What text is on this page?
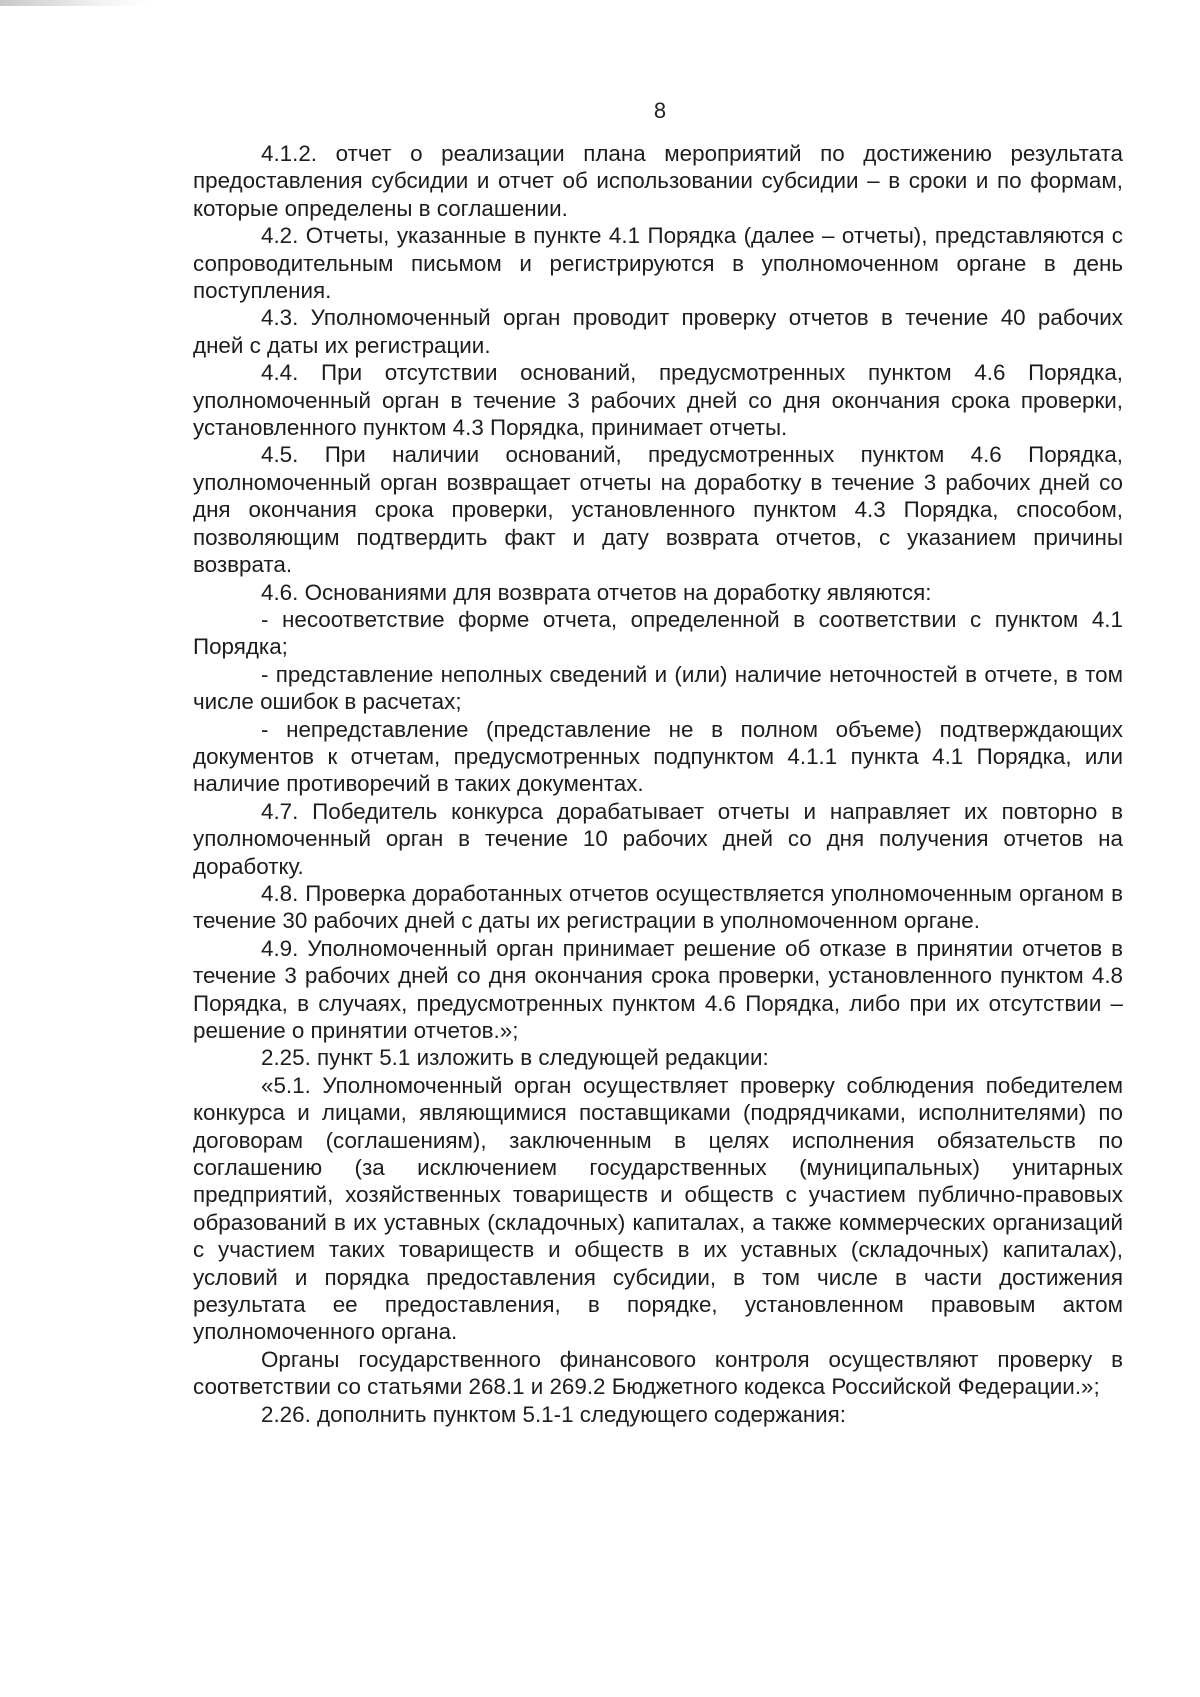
8

4.1.2. отчет о реализации плана мероприятий по достижению результата предоставления субсидии и отчет об использовании субсидии – в сроки и по формам, которые определены в соглашении.

4.2. Отчеты, указанные в пункте 4.1 Порядка (далее – отчеты), представляются с сопроводительным письмом и регистрируются в уполномоченном органе в день поступления.

4.3. Уполномоченный орган проводит проверку отчетов в течение 40 рабочих дней с даты их регистрации.

4.4. При отсутствии оснований, предусмотренных пунктом 4.6 Порядка, уполномоченный орган в течение 3 рабочих дней со дня окончания срока проверки, установленного пунктом 4.3 Порядка, принимает отчеты.

4.5. При наличии оснований, предусмотренных пунктом 4.6 Порядка, уполномоченный орган возвращает отчеты на доработку в течение 3 рабочих дней со дня окончания срока проверки, установленного пунктом 4.3 Порядка, способом, позволяющим подтвердить факт и дату возврата отчетов, с указанием причины возврата.

4.6. Основаниями для возврата отчетов на доработку являются:

- несоответствие форме отчета, определенной в соответствии с пунктом 4.1 Порядка;

- представление неполных сведений и (или) наличие неточностей в отчете, в том числе ошибок в расчетах;

- непредставление (представление не в полном объеме) подтверждающих документов к отчетам, предусмотренных подпунктом 4.1.1 пункта 4.1 Порядка, или наличие противоречий в таких документах.

4.7. Победитель конкурса дорабатывает отчеты и направляет их повторно в уполномоченный орган в течение 10 рабочих дней со дня получения отчетов на доработку.

4.8. Проверка доработанных отчетов осуществляется уполномоченным органом в течение 30 рабочих дней с даты их регистрации в уполномоченном органе.

4.9. Уполномоченный орган принимает решение об отказе в принятии отчетов в течение 3 рабочих дней со дня окончания срока проверки, установленного пунктом 4.8 Порядка, в случаях, предусмотренных пунктом 4.6 Порядка, либо при их отсутствии – решение о принятии отчетов.»;

2.25. пункт 5.1 изложить в следующей редакции:

«5.1. Уполномоченный орган осуществляет проверку соблюдения победителем конкурса и лицами, являющимися поставщиками (подрядчиками, исполнителями) по договорам (соглашениям), заключенным в целях исполнения обязательств по соглашению (за исключением государственных (муниципальных) унитарных предприятий, хозяйственных товариществ и обществ с участием публично-правовых образований в их уставных (складочных) капиталах, а также коммерческих организаций с участием таких товариществ и обществ в их уставных (складочных) капиталах), условий и порядка предоставления субсидии, в том числе в части достижения результата ее предоставления, в порядке, установленном правовым актом уполномоченного органа.

Органы государственного финансового контроля осуществляют проверку в соответствии со статьями 268.1 и 269.2 Бюджетного кодекса Российской Федерации.»;

2.26. дополнить пунктом 5.1-1 следующего содержания:
